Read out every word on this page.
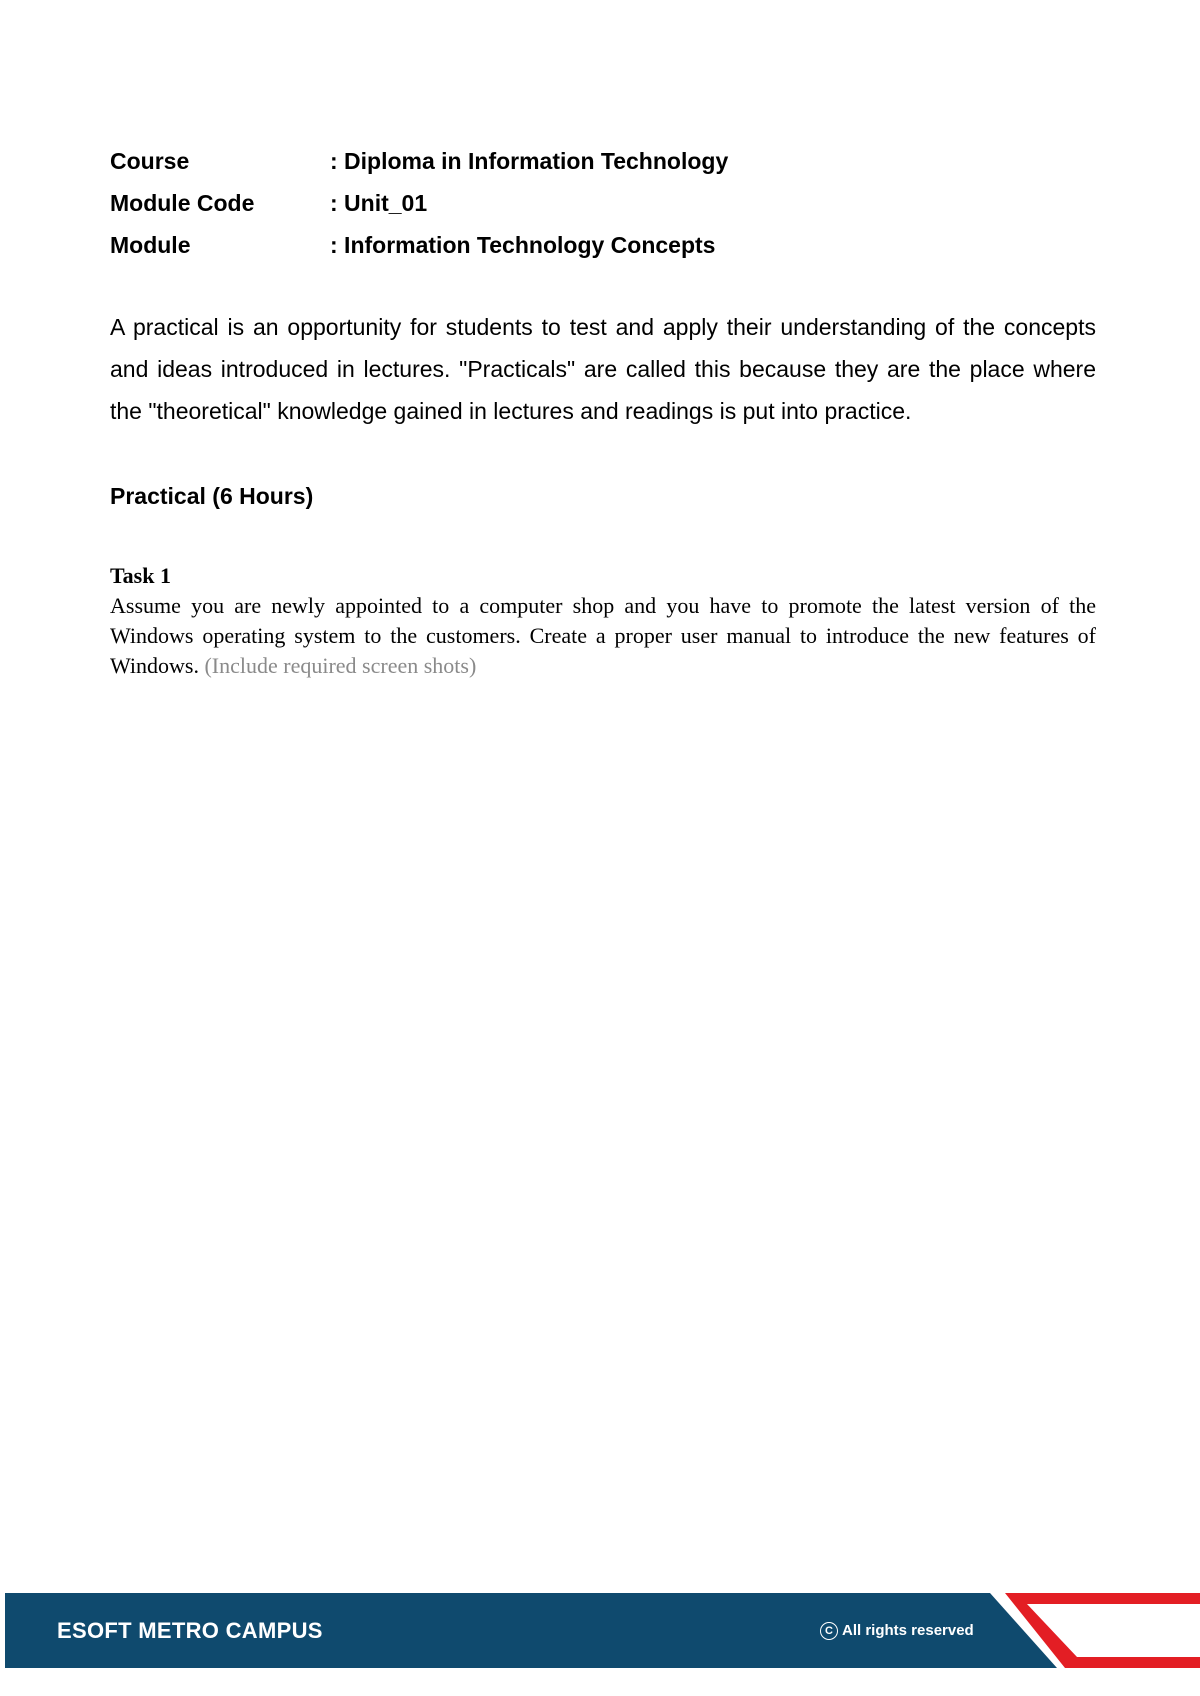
Course	: Diploma in Information Technology
Module Code	: Unit_01
Module	: Information Technology Concepts

A practical is an opportunity for students to test and apply their understanding of the concepts and ideas introduced in lectures. "Practicals" are called this because they are the place where the "theoretical" knowledge gained in lectures and readings is put into practice.

Practical (6 Hours)

Task 1

Assume you are newly appointed to a computer shop and you have to promote the latest version of the Windows operating system to the customers. Create a proper user manual to introduce the new features of Windows. (Include required screen shots)

ESOFT METRO CAMPUS	C All rights reserved
